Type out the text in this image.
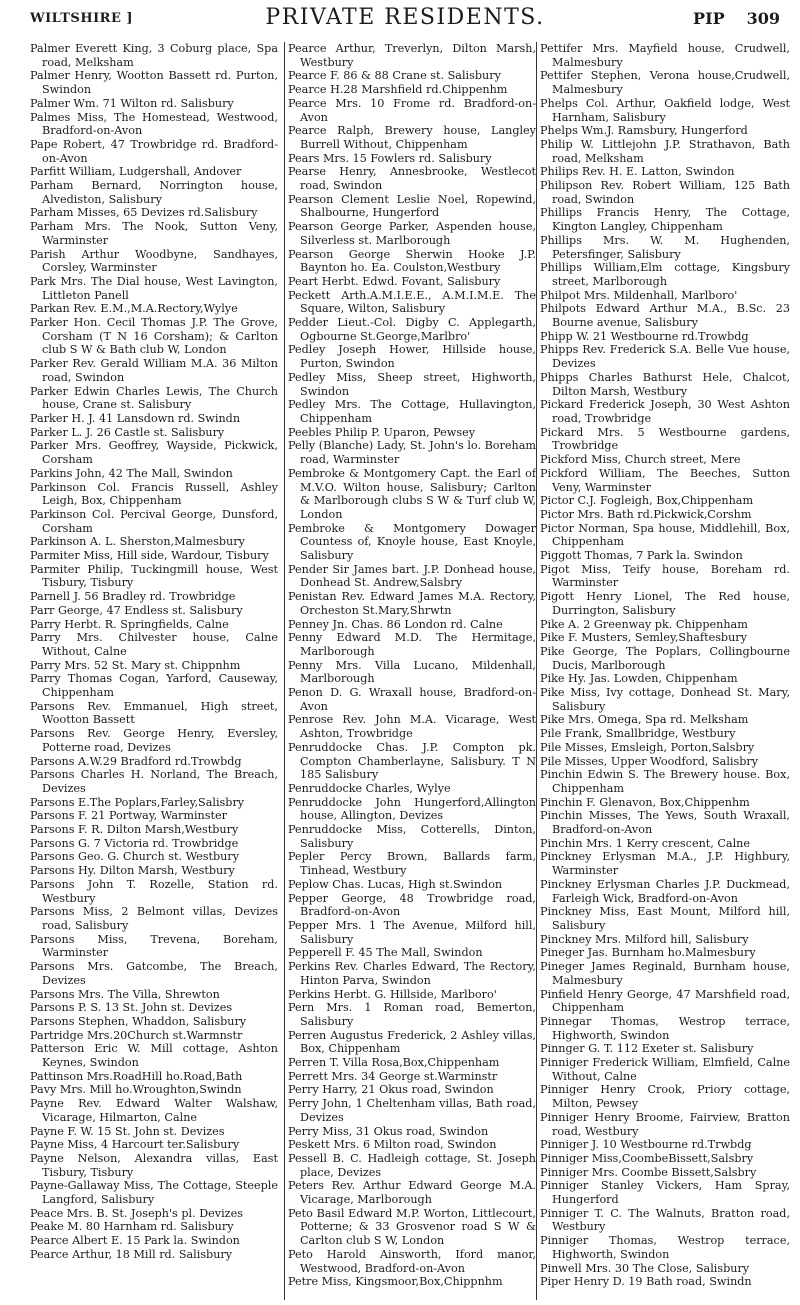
WILTSHIRE ]	PRIVATE RESIDENTS.	PIP 309

Palmer Everett King, 3 Coburg place, Spa road, Melksham

Palmer Henry, Wootton Bassett rd. Purton, Swindon

Palmer Wm. 71 Wilton rd. Salisbury

Palmes Miss, The Homestead, Westwood, Bradford-on-Avon

Pape Robert, 47 Trowbridge rd. Bradford-on-Avon

Parfitt William, Ludgershall, Andover

Parham Bernard, Norrington house, Alvediston, Salisbury

Parham Misses, 65 Devizes rd.Salisbury

Parham Mrs. The Nook, Sutton Veny, Warminster

Parish Arthur Woodbyne, Sandhayes, Corsley, Warminster

Park Mrs. The Dial house, West Lavington, Littleton Panell

Parkan Rev. E.M.,M.A.Rectory,Wylye

Parker Hon. Cecil Thomas J.P. The Grove, Corsham (T N 16 Corsham); & Carlton club S W & Bath club W, London

Parker Rev. Gerald William M.A. 36 Milton road, Swindon

Parker Edwin Charles Lewis, The Church house, Crane st. Salisbury

Parker H. J. 41 Lansdown rd. Swindn

Parker L. J. 26 Castle st. Salisbury

Parker Mrs. Geoffrey, Wayside, Pickwick, Corsham

Parkins John, 42 The Mall, Swindon

Parkinson Col. Francis Russell, Ashley Leigh, Box, Chippenham

Parkinson Col. Percival George, Dunsford, Corsham

Parkinson A. L. Sherston,Malmesbury

Parmiter Miss, Hill side, Wardour, Tisbury

Parmiter Philip, Tuckingmill house, West Tisbury, Tisbury

Parnell J. 56 Bradley rd. Trowbridge

Parr George, 47 Endless st. Salisbury

Parry Herbt. R. Springfields, Calne

Parry Mrs. Chilvester house, Calne Without, Calne

Parry Mrs. 52 St. Mary st. Chippnhm

Parry Thomas Cogan, Yarford, Causeway, Chippenham

Parsons Rev. Emmanuel, High street, Wootton Bassett

Parsons Rev. George Henry, Eversley, Potterne road, Devizes

Parsons A.W.29 Bradford rd.Trowbdg

Parsons Charles H. Norland, The Breach, Devizes

Parsons E.The Poplars,Farley,Salisbry

Parsons F. 21 Portway, Warminster

Parsons F. R. Dilton Marsh,Westbury

Parsons G. 7 Victoria rd. Trowbridge

Parsons Geo. G. Church st. Westbury

Parsons Hy. Dilton Marsh, Westbury

Parsons John T. Rozelle, Station rd. Westbury

Parsons Miss, 2 Belmont villas, Devizes road, Salisbury

Parsons Miss, Trevena, Boreham, Warminster

Parsons Mrs. Gatcombe, The Breach, Devizes

Parsons Mrs. The Villa, Shrewton

Parsons P. S. 13 St. John st. Devizes

Parsons Stephen, Whaddon, Salisbury

Partridge Mrs.20Church st.Warmnstr

Patterson Eric W. Mill cottage, Ashton Keynes, Swindon

Pattinson Mrs.RoadHill ho.Road,Bath

Pavy Mrs. Mill ho.Wroughton,Swindn

Payne Rev. Edward Walter Walshaw, Vicarage, Hilmarton, Calne

Payne F. W. 15 St. John st. Devizes

Payne Miss, 4 Harcourt ter.Salisbury

Payne Nelson, Alexandra villas, East Tisbury, Tisbury

Payne-Gallaway Miss, The Cottage, Steeple Langford, Salisbury

Peace Mrs. B. St. Joseph's pl. Devizes

Peake M. 80 Harnham rd. Salisbury

Pearce Albert E. 15 Park la. Swindon

Pearce Arthur, 18 Mill rd. Salisbury

Pearce Arthur, Treverlyn, Dilton Marsh, Westbury

Pearce F. 86 & 88 Crane st. Salisbury

Pearce H.28 Marshfield rd.Chippenhm

Pearce Mrs. 10 Frome rd. Bradford-on-Avon

Pearce Ralph, Brewery house, Langley Burrell Without, Chippenham

Pears Mrs. 15 Fowlers rd. Salisbury

Pearse Henry, Annesbrooke, Westlecot road, Swindon

Pearson Clement Leslie Noel, Ropewind, Shalbourne, Hungerford

Pearson George Parker, Aspenden house, Silverless st. Marlborough

Pearson George Sherwin Hooke J.P. Baynton ho. Ea. Coulston,Westbury

Peart Herbt. Edwd. Fovant, Salisbury

Peckett Arth.A.M.I.E.E., A.M.I.M.E. The Square, Wilton, Salisbury

Pedder Lieut.-Col. Digby C. Applegarth, Ogbourne St.George,Marlbro'

Pedley Joseph Hower, Hillside house, Purton, Swindon

Pedley Miss, Sheep street, Highworth, Swindon

Pedley Mrs. The Cottage, Hullavington, Chippenham

Peebles Philip P. Uparon, Pewsey

Pelly (Blanche) Lady, St. John's lo. Boreham road, Warminster

Pembroke & Montgomery Capt. the Earl of M.V.O. Wilton house, Salisbury; Carlton & Marlborough clubs S W & Turf club W, London

Pembroke & Montgomery Dowager Countess of, Knoyle house, East Knoyle, Salisbury

Pender Sir James bart. J.P. Donhead house, Donhead St. Andrew,Salsbry

Penistan Rev. Edward James M.A. Rectory, Orcheston St.Mary,Shrwtn

Penney Jn. Chas. 86 London rd. Calne

Penny Edward M.D. The Hermitage, Marlborough

Penny Mrs. Villa Lucano, Mildenhall, Marlborough

Penon D. G. Wraxall house, Bradford-on-Avon

Penrose Rev. John M.A. Vicarage, West Ashton, Trowbridge

Penruddocke Chas. J.P. Compton pk. Compton Chamberlayne, Salisbury. T N 185 Salisbury

Penruddocke Charles, Wylye

Penruddocke John Hungerford,Allington house, Allington, Devizes

Penruddocke Miss, Cotterells, Dinton, Salisbury

Pepler Percy Brown, Ballards farm, Tinhead, Westbury

Peplow Chas. Lucas, High st.Swindon

Pepper George, 48 Trowbridge road, Bradford-on-Avon

Pepper Mrs. 1 The Avenue, Milford hill, Salisbury

Pepperell F. 45 The Mall, Swindon

Perkins Rev. Charles Edward, The Rectory, Hinton Parva, Swindon

Perkins Herbt. G. Hillside, Marlboro'

Pern Mrs. 1 Roman road, Bemerton, Salisbury

Perren Augustus Frederick, 2 Ashley villas, Box, Chippenham

Perren T. Villa Rosa,Box,Chippenham

Perrett Mrs. 34 George st.Warminstr

Perry Harry, 21 Okus road, Swindon

Perry John, 1 Cheltenham villas, Bath road, Devizes

Perry Miss, 31 Okus road, Swindon

Peskett Mrs. 6 Milton road, Swindon

Pessell B. C. Hadleigh cottage, St. Joseph place, Devizes

Peters Rev. Arthur Edward George M.A. Vicarage, Marlborough

Peto Basil Edward M.P. Worton, Littlecourt, Potterne; & 33 Grosvenor road S W & Carlton club S W, London

Peto Harold Ainsworth, Iford manor, Westwood, Bradford-on-Avon

Petre Miss, Kingsmoor,Box,Chippnhm

Pettifer Mrs. Mayfield house, Crudwell, Malmesbury

Pettifer Stephen, Verona house,Crudwell, Malmesbury

Phelps Col. Arthur, Oakfield lodge, West Harnham, Salisbury

Phelps Wm.J. Ramsbury, Hungerford

Philip W. Littlejohn J.P. Strathavon, Bath road, Melksham

Philips Rev. H. E. Latton, Swindon

Philipson Rev. Robert William, 125 Bath road, Swindon

Phillips Francis Henry, The Cottage, Kington Langley, Chippenham

Phillips Mrs. W. M. Hughenden, Petersfinger, Salisbury

Phillips William,Elm cottage, Kingsbury street, Marlborough

Philpot Mrs. Mildenhall, Marlboro'

Philpots Edward Arthur M.A., B.Sc. 23 Bourne avenue, Salisbury

Phipp W. 21 Westbourne rd.Trowbdg

Phipps Rev. Frederick S.A. Belle Vue house, Devizes

Phipps Charles Bathurst Hele, Chalcot, Dilton Marsh, Westbury

Pickard Frederick Joseph, 30 West Ashton road, Trowbridge

Pickard Mrs. 5 Westbourne gardens, Trowbridge

Pickford Miss, Church street, Mere

Pickford William, The Beeches, Sutton Veny, Warminster

Pictor C.J. Fogleigh, Box,Chippenham

Pictor Mrs. Bath rd.Pickwick,Corshm

Pictor Norman, Spa house, Middlehill, Box, Chippenham

Piggott Thomas, 7 Park la. Swindon

Pigot Miss, Teify house, Boreham rd. Warminster

Pigott Henry Lionel, The Red house, Durrington, Salisbury

Pike A. 2 Greenway pk. Chippenham

Pike F. Musters, Semley,Shaftesbury

Pike George, The Poplars, Collingbourne Ducis, Marlborough

Pike Hy. Jas. Lowden, Chippenham

Pike Miss, Ivy cottage, Donhead St. Mary, Salisbury

Pike Mrs. Omega, Spa rd. Melksham

Pile Frank, Smallbridge, Westbury

Pile Misses, Emsleigh, Porton,Salsbry

Pile Misses, Upper Woodford, Salisbry

Pinchin Edwin S. The Brewery house. Box, Chippenham

Pinchin F. Glenavon, Box,Chippenhm

Pinchin Misses, The Yews, South Wraxall, Bradford-on-Avon

Pinchin Mrs. 1 Kerry crescent, Calne

Pinckney Erlysman M.A., J.P. Highbury, Warminster

Pinckney Erlysman Charles J.P. Duckmead, Farleigh Wick, Bradford-on-Avon

Pinckney Miss, East Mount, Milford hill, Salisbury

Pinckney Mrs. Milford hill, Salisbury

Pineger Jas. Burnham ho.Malmesbury

Pineger James Reginald, Burnham house, Malmesbury

Pinfield Henry George, 47 Marshfield road, Chippenham

Pinnegar Thomas, Westrop terrace, Highworth, Swindon

Pinnger G. T. 112 Exeter st. Salisbury

Pinniger Frederick William, Elmfield, Calne Without, Calne

Pinniger Henry Crook, Priory cottage, Milton, Pewsey

Pinniger Henry Broome, Fairview, Bratton road, Westbury

Pinniger J. 10 Westbourne rd.Trwbdg

Pinniger Miss,CoombeBissett,Salsbry

Pinniger Mrs. Coombe Bissett,Salsbry

Pinniger Stanley Vickers, Ham Spray, Hungerford

Pinniger T. C. The Walnuts, Bratton road, Westbury

Pinniger Thomas, Westrop terrace, Highworth, Swindon

Pinwell Mrs. 30 The Close, Salisbury

Piper Henry D. 19 Bath road, Swindn
